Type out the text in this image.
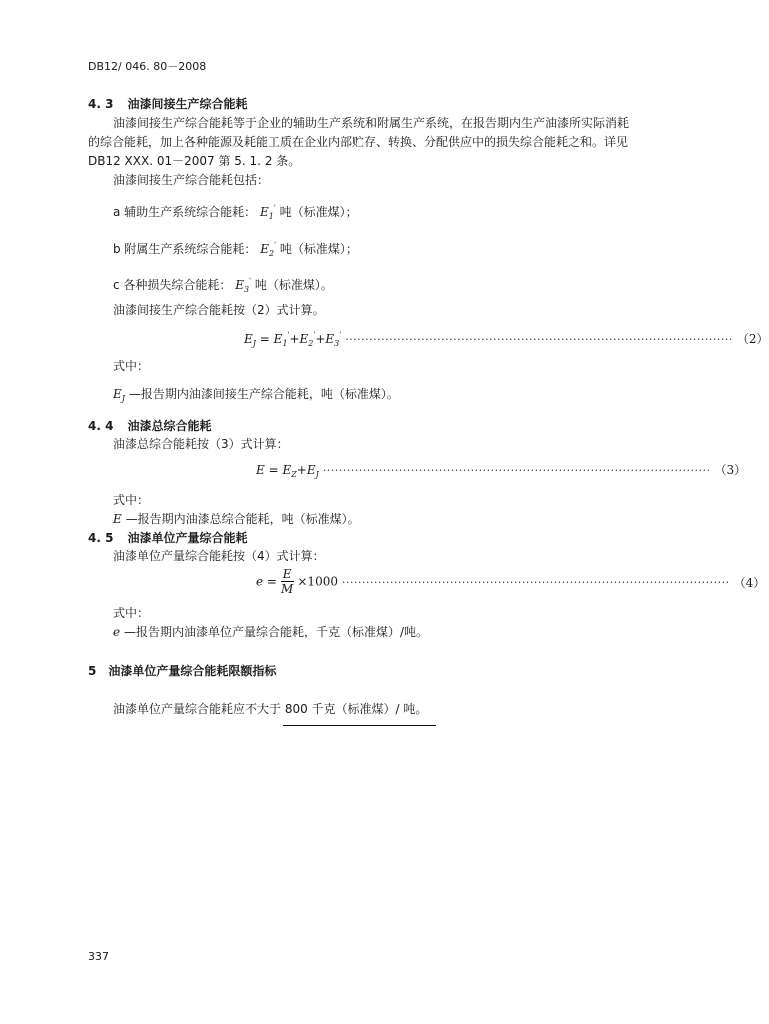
DB12/ 046. 80－2008
4. 3 油漆间接生产综合能耗
油漆间接生产综合能耗等于企业的辅助生产系统和附属生产系统，在报告期内生产油漆所实际消耗
的综合能耗，加上各种能源及耗能工质在企业内部贮存、转换、分配供应中的损失综合能耗之和。详见
DB12 XXX. 01－2007 第 5. 1. 2 条。
油漆间接生产综合能耗包括：
a 辅助生产系统综合能耗： $E_1'$ 吨（标准煤）；
b 附属生产系统综合能耗： $E_2'$ 吨（标准煤）；
c 各种损失综合能耗： $E_3'$ 吨（标准煤）。
油漆间接生产综合能耗按（2）式计算。
$E_J = E_1'+E_2'+E_3'$ ································································································· （2）
式中：
$E_J$ —报告期内油漆间接生产综合能耗，吨（标准煤）。
4. 4 油漆总综合能耗
油漆总综合能耗按（3）式计算：
$E = E_Z+E_J$ ································································································· （3）
式中：
E —报告期内油漆总综合能耗，吨（标准煤）。
4. 5 油漆单位产量综合能耗
油漆单位产量综合能耗按（4）式计算：
$e = \frac{E}{M} \times 1000$ ································································································· （4）
式中：
e —报告期内油漆单位产量综合能耗，千克（标准煤）/吨。
5 油漆单位产量综合能耗限额指标
油漆单位产量综合能耗应不大于 800 千克（标准煤）/ 吨。
337
